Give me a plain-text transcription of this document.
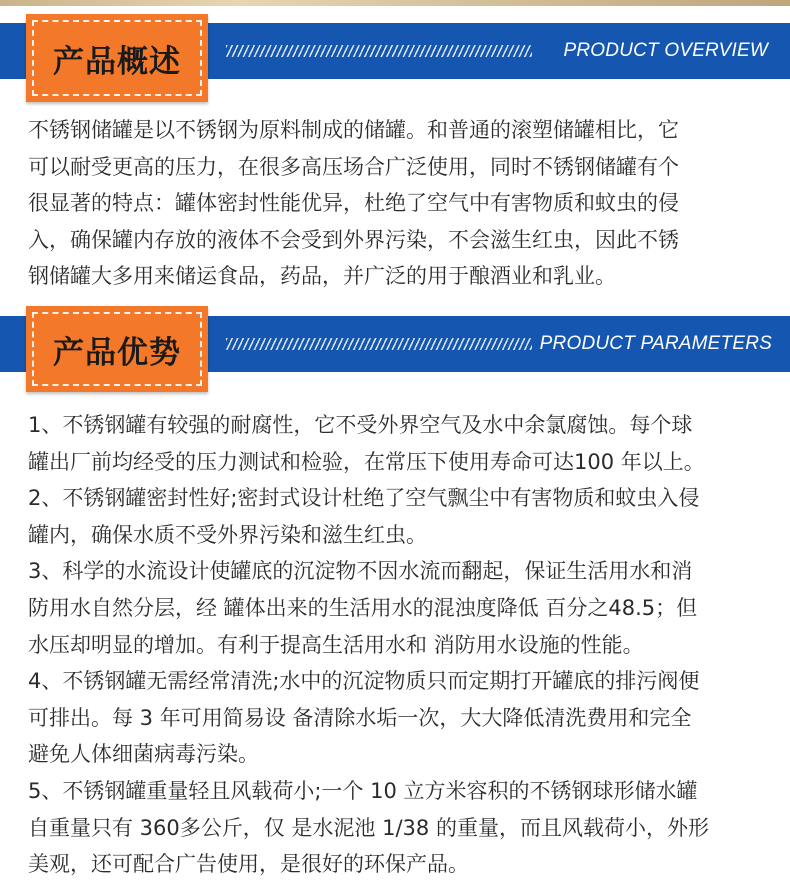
PRODUCT OVERVIEW
产品概述
不锈钢储罐是以不锈钢为原料制成的储罐。和普通的滚塑储罐相比，它
可以耐受更高的压力，在很多高压场合广泛使用，同时不锈钢储罐有个
很显著的特点：罐体密封性能优异，杜绝了空气中有害物质和蚊虫的侵
入，确保罐内存放的液体不会受到外界污染，不会滋生红虫，因此不锈
钢储罐大多用来储运食品，药品，并广泛的用于酿酒业和乳业。
PRODUCT PARAMETERS
产品优势
1、不锈钢罐有较强的耐腐性，它不受外界空气及水中余氯腐蚀。每个球
罐出厂前均经受的压力测试和检验，在常压下使用寿命可达100 年以上。
2、不锈钢罐密封性好;密封式设计杜绝了空气飘尘中有害物质和蚊虫入侵
罐内，确保水质不受外界污染和滋生红虫。
3、科学的水流设计使罐底的沉淀物不因水流而翻起，保证生活用水和消
防用水自然分层，经 罐体出来的生活用水的混浊度降低 百分之48.5；但
水压却明显的增加。有利于提高生活用水和 消防用水设施的性能。
4、不锈钢罐无需经常清洗;水中的沉淀物质只而定期打开罐底的排污阀便
可排出。每 3 年可用简易设 备清除水垢一次，大大降低清洗费用和完全
避免人体细菌病毒污染。
5、不锈钢罐重量轻且风载荷小;一个 10 立方米容积的不锈钢球形储水罐
自重量只有 360多公斤，仅 是水泥池 1/38 的重量，而且风载荷小，外形
美观，还可配合广告使用，是很好的环保产品。
